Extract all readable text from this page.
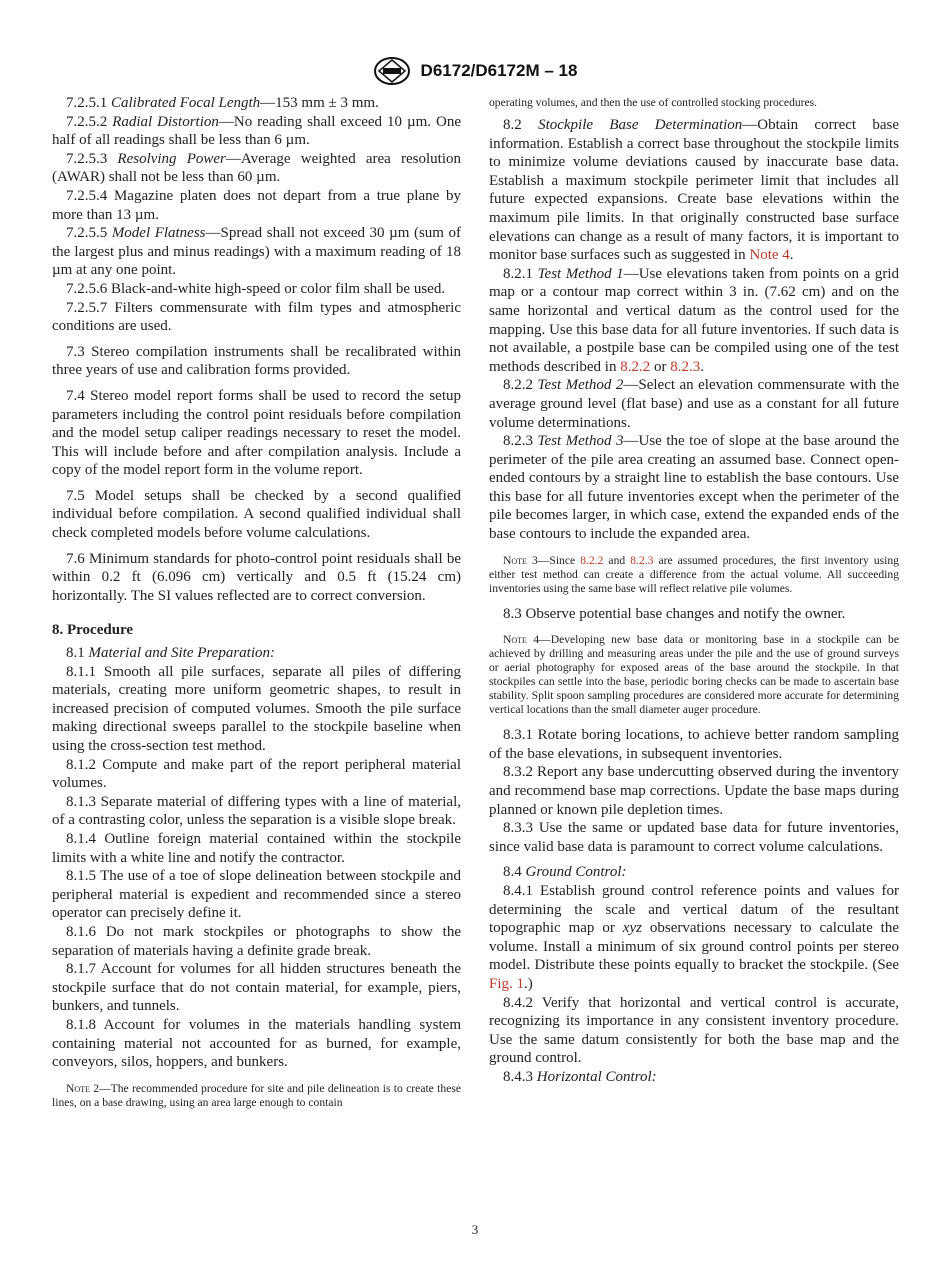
D6172/D6172M – 18

7.2.5.1 Calibrated Focal Length—153 mm ± 3 mm.

7.2.5.2 Radial Distortion—No reading shall exceed 10 µm. One half of all readings shall be less than 6 µm.

7.2.5.3 Resolving Power—Average weighted area resolution (AWAR) shall not be less than 60 µm.

7.2.5.4 Magazine platen does not depart from a true plane by more than 13 µm.

7.2.5.5 Model Flatness—Spread shall not exceed 30 µm (sum of the largest plus and minus readings) with a maximum reading of 18 µm at any one point.

7.2.5.6 Black-and-white high-speed or color film shall be used.

7.2.5.7 Filters commensurate with film types and atmospheric conditions are used.

7.3 Stereo compilation instruments shall be recalibrated within three years of use and calibration forms provided.

7.4 Stereo model report forms shall be used to record the setup parameters including the control point residuals before compilation and the model setup caliper readings necessary to reset the model. This will include before and after compilation analysis. Include a copy of the model report form in the volume report.

7.5 Model setups shall be checked by a second qualified individual before compilation. A second qualified individual shall check completed models before volume calculations.

7.6 Minimum standards for photo-control point residuals shall be within 0.2 ft (6.096 cm) vertically and 0.5 ft (15.24 cm) horizontally. The SI values reflected are to correct conversion.

8. Procedure

8.1 Material and Site Preparation:

8.1.1 Smooth all pile surfaces, separate all piles of differing materials, creating more uniform geometric shapes, to result in increased precision of computed volumes. Smooth the pile surface making directional sweeps parallel to the stockpile baseline when using the cross-section test method.

8.1.2 Compute and make part of the report peripheral material volumes.

8.1.3 Separate material of differing types with a line of material, of a contrasting color, unless the separation is a visible slope break.

8.1.4 Outline foreign material contained within the stockpile limits with a white line and notify the contractor.

8.1.5 The use of a toe of slope delineation between stockpile and peripheral material is expedient and recommended since a stereo operator can precisely define it.

8.1.6 Do not mark stockpiles or photographs to show the separation of materials having a definite grade break.

8.1.7 Account for volumes for all hidden structures beneath the stockpile surface that do not contain material, for example, piers, bunkers, and tunnels.

8.1.8 Account for volumes in the materials handling system containing material not accounted for as burned, for example, conveyors, silos, hoppers, and bunkers.

Note 2—The recommended procedure for site and pile delineation is to create these lines, on a base drawing, using an area large enough to contain

operating volumes, and then the use of controlled stocking procedures.

8.2 Stockpile Base Determination—Obtain correct base information. Establish a correct base throughout the stockpile limits to minimize volume deviations caused by inaccurate base data. Establish a maximum stockpile perimeter limit that includes all future expected expansions. Create base elevations within the maximum pile limits. In that originally constructed base surface elevations can change as a result of many factors, it is important to monitor base surfaces such as suggested in Note 4.

8.2.1 Test Method 1—Use elevations taken from points on a grid map or a contour map correct within 3 in. (7.62 cm) and on the same horizontal and vertical datum as the control used for the mapping. Use this base data for all future inventories. If such data is not available, a postpile base can be compiled using one of the test methods described in 8.2.2 or 8.2.3.

8.2.2 Test Method 2—Select an elevation commensurate with the average ground level (flat base) and use as a constant for all future volume determinations.

8.2.3 Test Method 3—Use the toe of slope at the base around the perimeter of the pile area creating an assumed base. Connect open-ended contours by a straight line to establish the base contours. Use this base for all future inventories except when the perimeter of the pile becomes larger, in which case, extend the expanded ends of the base contours to include the expanded area.

Note 3—Since 8.2.2 and 8.2.3 are assumed procedures, the first inventory using either test method can create a difference from the actual volume. All succeeding inventories using the same base will reflect relative pile volumes.

8.3 Observe potential base changes and notify the owner.

Note 4—Developing new base data or monitoring base in a stockpile can be achieved by drilling and measuring areas under the pile and the use of ground surveys or aerial photography for exposed areas of the base around the stockpile. In that stockpiles can settle into the base, periodic boring checks can be made to ascertain base stability. Split spoon sampling procedures are considered more accurate for determining vertical locations than the small diameter auger procedure.

8.3.1 Rotate boring locations, to achieve better random sampling of the base elevations, in subsequent inventories.

8.3.2 Report any base undercutting observed during the inventory and recommend base map corrections. Update the base maps during planned or known pile depletion times.

8.3.3 Use the same or updated base data for future inventories, since valid base data is paramount to correct volume calculations.

8.4 Ground Control:

8.4.1 Establish ground control reference points and values for determining the scale and vertical datum of the resultant topographic map or xyz observations necessary to calculate the volume. Install a minimum of six ground control points per stereo model. Distribute these points equally to bracket the stockpile. (See Fig. 1.)

8.4.2 Verify that horizontal and vertical control is accurate, recognizing its importance in any consistent inventory procedure. Use the same datum consistently for both the base map and the ground control.

8.4.3 Horizontal Control:

3
